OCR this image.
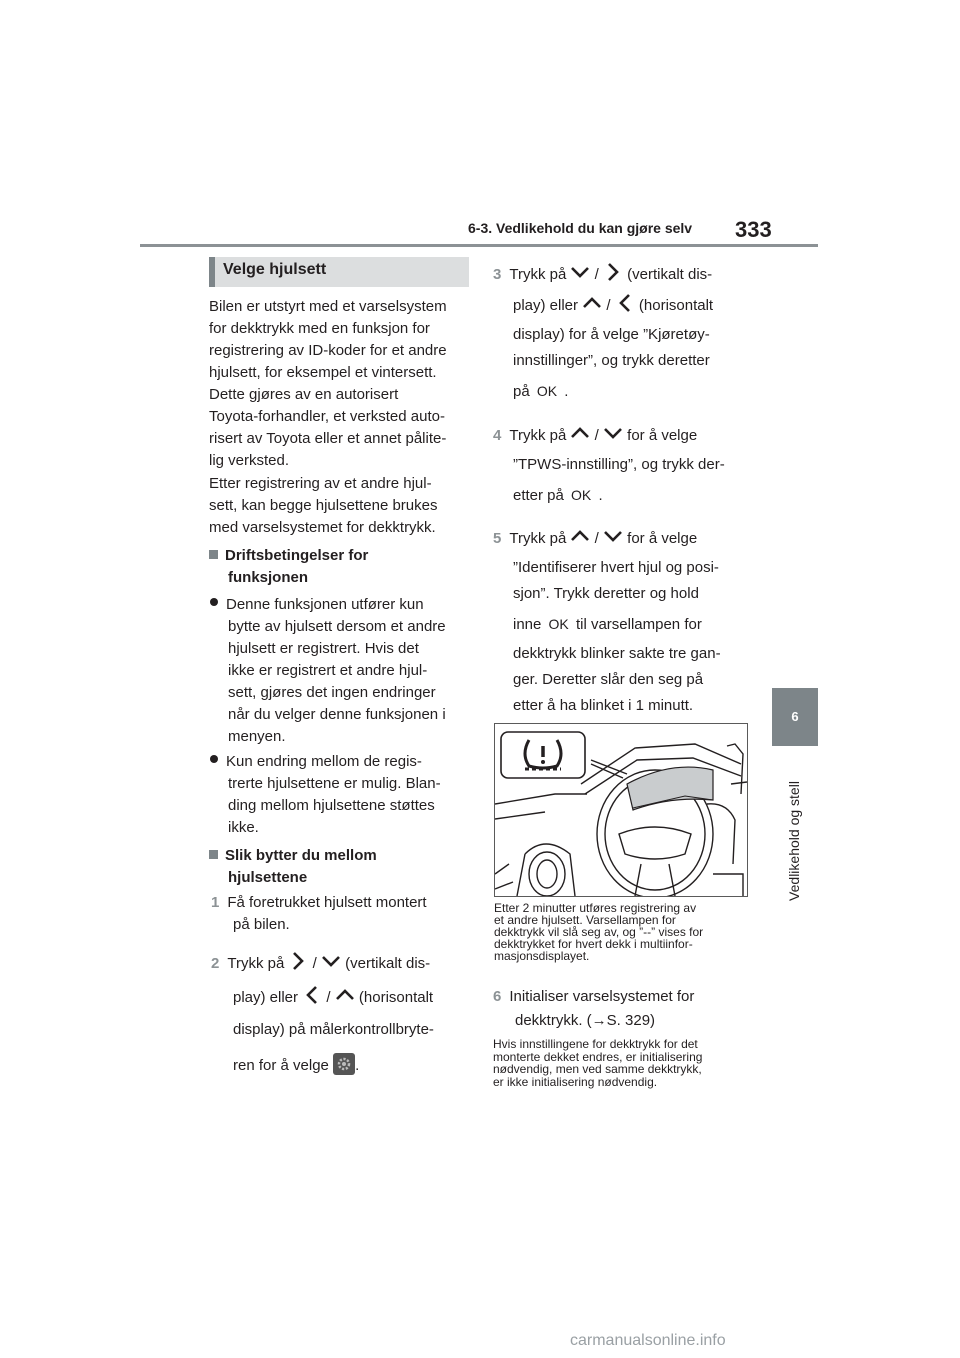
6-3. Vedlikehold du kan gjøre selv 333
6
Vedlikehold og stell
Velge hjulsett
Bilen er utstyrt med et varselsystem
for dekktrykk med en funksjon for
registrering av ID-koder for et andre
hjulsett, for eksempel et vintersett.
Dette gjøres av en autorisert
Toyota-forhandler, et verksted auto-
risert av Toyota eller et annet pålite-
lig verksted.
Etter registrering av et andre hjul-
sett, kan begge hjulsettene brukes
med varselsystemet for dekktrykk.
Driftsbetingelser for
funksjonen
Denne funksjonen utfører kun
bytte av hjulsett dersom et andre
hjulsett er registrert. Hvis det
ikke er registrert et andre hjul-
sett, gjøres det ingen endringer
når du velger denne funksjonen i
menyen.
Kun endring mellom de regis-
trerte hjulsettene er mulig. Blan-
ding mellom hjulsettene støttes
ikke.
Slik bytter du mellom
hjulsettene
1 Få foretrukket hjulsett montert
på bilen.
2 Trykk på / (vertikalt dis-
play) eller / (horisontalt
display) på målerkontrollbryte-
ren for å velge .
3 Trykk på / (vertikalt dis-
play) eller / (horisontalt
display) for å velge ”Kjøretøy-
innstillinger”, og trykk deretter
på OK .
4 Trykk på / for å velge
”TPWS-innstilling”, og trykk der-
etter på OK .
5 Trykk på / for å velge
”Identifiserer hvert hjul og posi-
sjon”. Trykk deretter og hold
inne OK til varsellampen for
dekktrykk blinker sakte tre gan-
ger. Deretter slår den seg på
etter å ha blinket i 1 minutt.
Etter 2 minutter utføres registrering av
et andre hjulsett. Varsellampen for
dekktrykk vil slå seg av, og ”--” vises for
dekktrykket for hvert dekk i multiinfor-
masjonsdisplayet.
6 Initialiser varselsystemet for
dekktrykk. (→S. 329)
Hvis innstillingene for dekktrykk for det
monterte dekket endres, er initialisering
nødvendig, men ved samme dekktrykk,
er ikke initialisering nødvendig.
carmanualsonline.info
